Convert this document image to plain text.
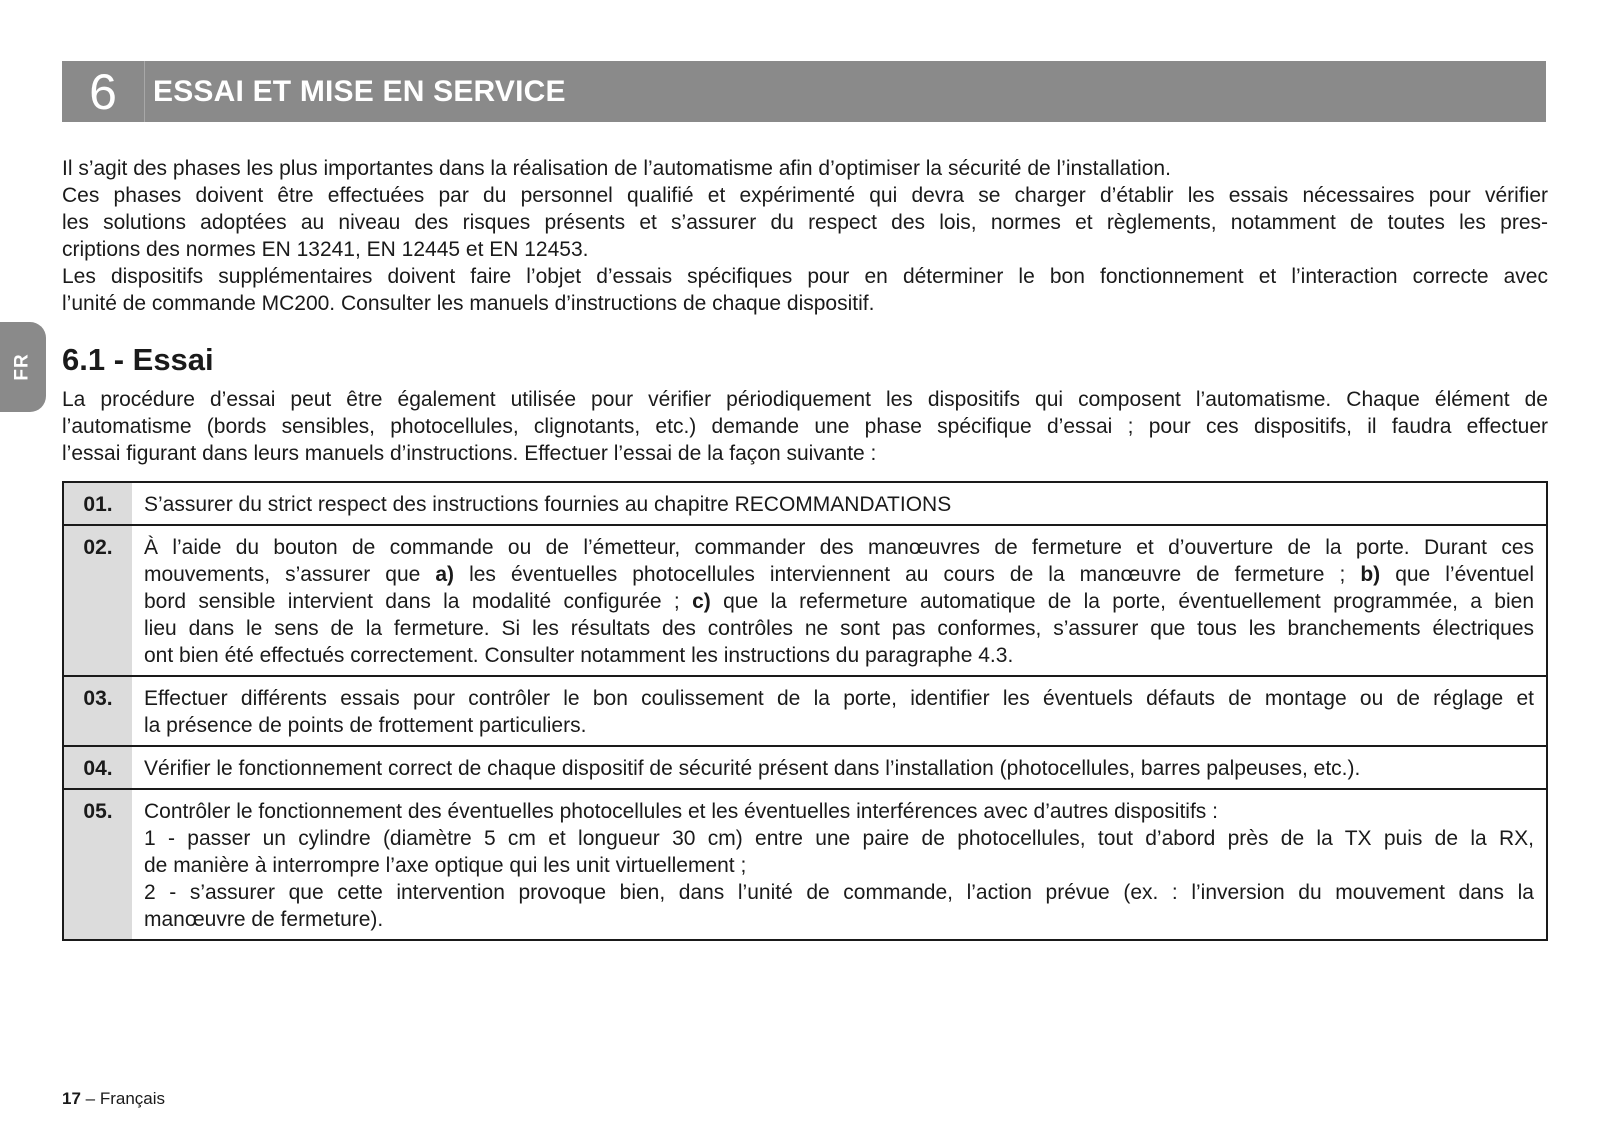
6	ESSAI ET MISE EN SERVICE

Il s’agit des phases les plus importantes dans la réalisation de l’automatisme afin d’optimiser la sécurité de l’installation.

Ces phases doivent être effectuées par du personnel qualifié et expérimenté qui devra se charger d’établir les essais nécessaires pour vérifier

les solutions adoptées au niveau des risques présents et s’assurer du respect des lois, normes et règlements, notamment de toutes les pres-

criptions des normes EN 13241, EN 12445 et EN 12453.

Les dispositifs supplémentaires doivent faire l’objet d’essais spécifiques pour en déterminer le bon fonctionnement et l’interaction correcte avec

l’unité de commande MC200. Consulter les manuels d’instructions de chaque dispositif.

FR 6.1 - Essai

La procédure d’essai peut être également utilisée pour vérifier périodiquement les dispositifs qui composent l’automatisme. Chaque élément de

l’automatisme (bords sensibles, photocellules, clignotants, etc.) demande une phase spécifique d’essai ; pour ces dispositifs, il faudra effectuer

l’essai figurant dans leurs manuels d’instructions. Effectuer l’essai de la façon suivante :

01.	S’assurer du strict respect des instructions fournies au chapitre RECOMMANDATIONS

02.	À l’aide du bouton de commande ou de l’émetteur, commander des manœuvres de fermeture et d’ouverture de la porte. Durant ces
mouvements, s’assurer que a) les éventuelles photocellules interviennent au cours de la manœuvre de fermeture ; b) que l’éventuel
bord sensible intervient dans la modalité configurée ; c) que la refermeture automatique de la porte, éventuellement programmée, a bien
lieu dans le sens de la fermeture. Si les résultats des contrôles ne sont pas conformes, s’assurer que tous les branchements électriques
ont bien été effectués correctement. Consulter notamment les instructions du paragraphe 4.3.

03.	Effectuer différents essais pour contrôler le bon coulissement de la porte, identifier les éventuels défauts de montage ou de réglage et
la présence de points de frottement particuliers.

04.	Vérifier le fonctionnement correct de chaque dispositif de sécurité présent dans l’installation (photocellules, barres palpeuses, etc.).

05.	Contrôler le fonctionnement des éventuelles photocellules et les éventuelles interférences avec d’autres dispositifs :
1 - passer un cylindre (diamètre 5 cm et longueur 30 cm) entre une paire de photocellules, tout d’abord près de la TX puis de la RX,
de manière à interrompre l’axe optique qui les unit virtuellement ;
2 - s’assurer que cette intervention provoque bien, dans l’unité de commande, l’action prévue (ex. : l’inversion du mouvement dans la
manœuvre de fermeture).
17 – Français
